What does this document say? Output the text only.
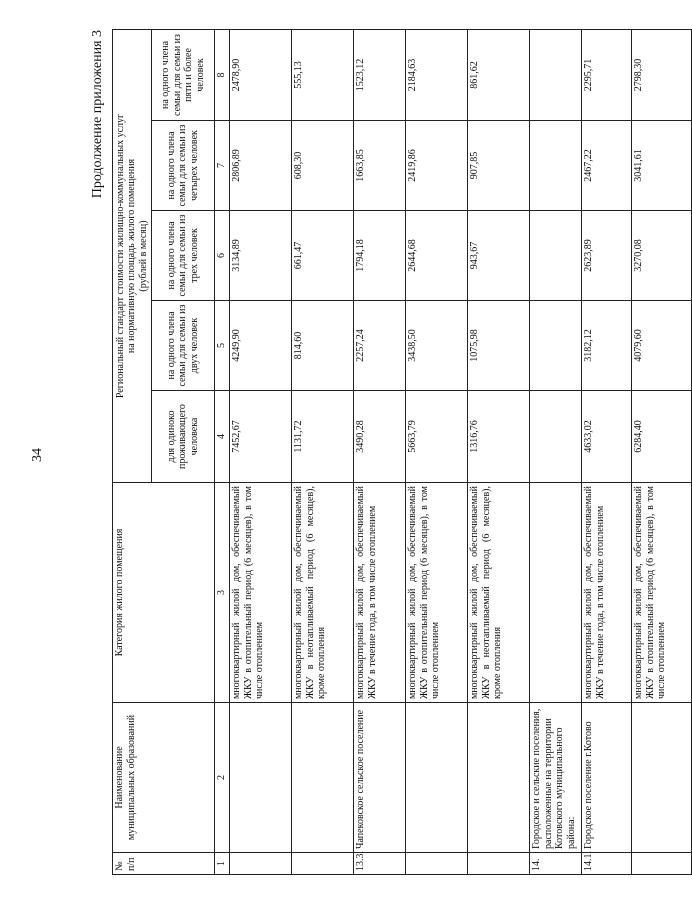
34
Продолжение приложения 3
№
п/п	Наименование
муниципальных образований	Категория жилого помещения	Региональный стандарт стоимости жилищно-коммунальных услуг
на нормативную площадь жилого помещения
(рублей в месяц)				
			для одиноко проживающего человека	на одного члена семьи для семьи из двух человек	на одного члена семьи для семьи из трех человек	на одного члена семьи для семьи из четырех человек	на одного члена семьи для семьи из пяти и более человек
1	2	3	4	5	6	7	8
		многоквартирный жилой дом, обеспечиваемый ЖКУ в отопительный период (6 месяцев), в том числе отоплением	7452,67	4249,90	3134,89	2806,89	2478,90
		многоквартирный жилой дом, обеспечиваемый ЖКУ в неотапливаемый период (6 месяцев), кроме отопления	1131,72	814,60	661,47	608,30	555,13
13.3.	Чапековское сельское поселение	многоквартирный жилой дом, обеспечиваемый ЖКУ в течение года, в том числе отоплением	3490,28	2257,24	1794,18	1663,85	1523,12
		многоквартирный жилой дом, обеспечиваемый ЖКУ в отопительный период (6 месяцев), в том числе отоплением	5663,79	3438,50	2644,68	2419,86	2184,63
		многоквартирный жилой дом, обеспечиваемый ЖКУ в неотапливаемый период (6 месяцев), кроме отопления	1316,76	1075,98	943,67	907,85	861,62
14.	Городское и сельские поселения, расположенные на территории Котовского муниципального района:						
14.1.	Городское поселение г.Котово	многоквартирный жилой дом, обеспечиваемый ЖКУ в течение года, в том числе отоплением	4633,02	3182,12	2623,89	2467,22	2295,71
		многоквартирный жилой дом, обеспечиваемый ЖКУ в отопительный период (6 месяцев), в том числе отоплением	6284,40	4079,60	3270,08	3041,61	2798,30
